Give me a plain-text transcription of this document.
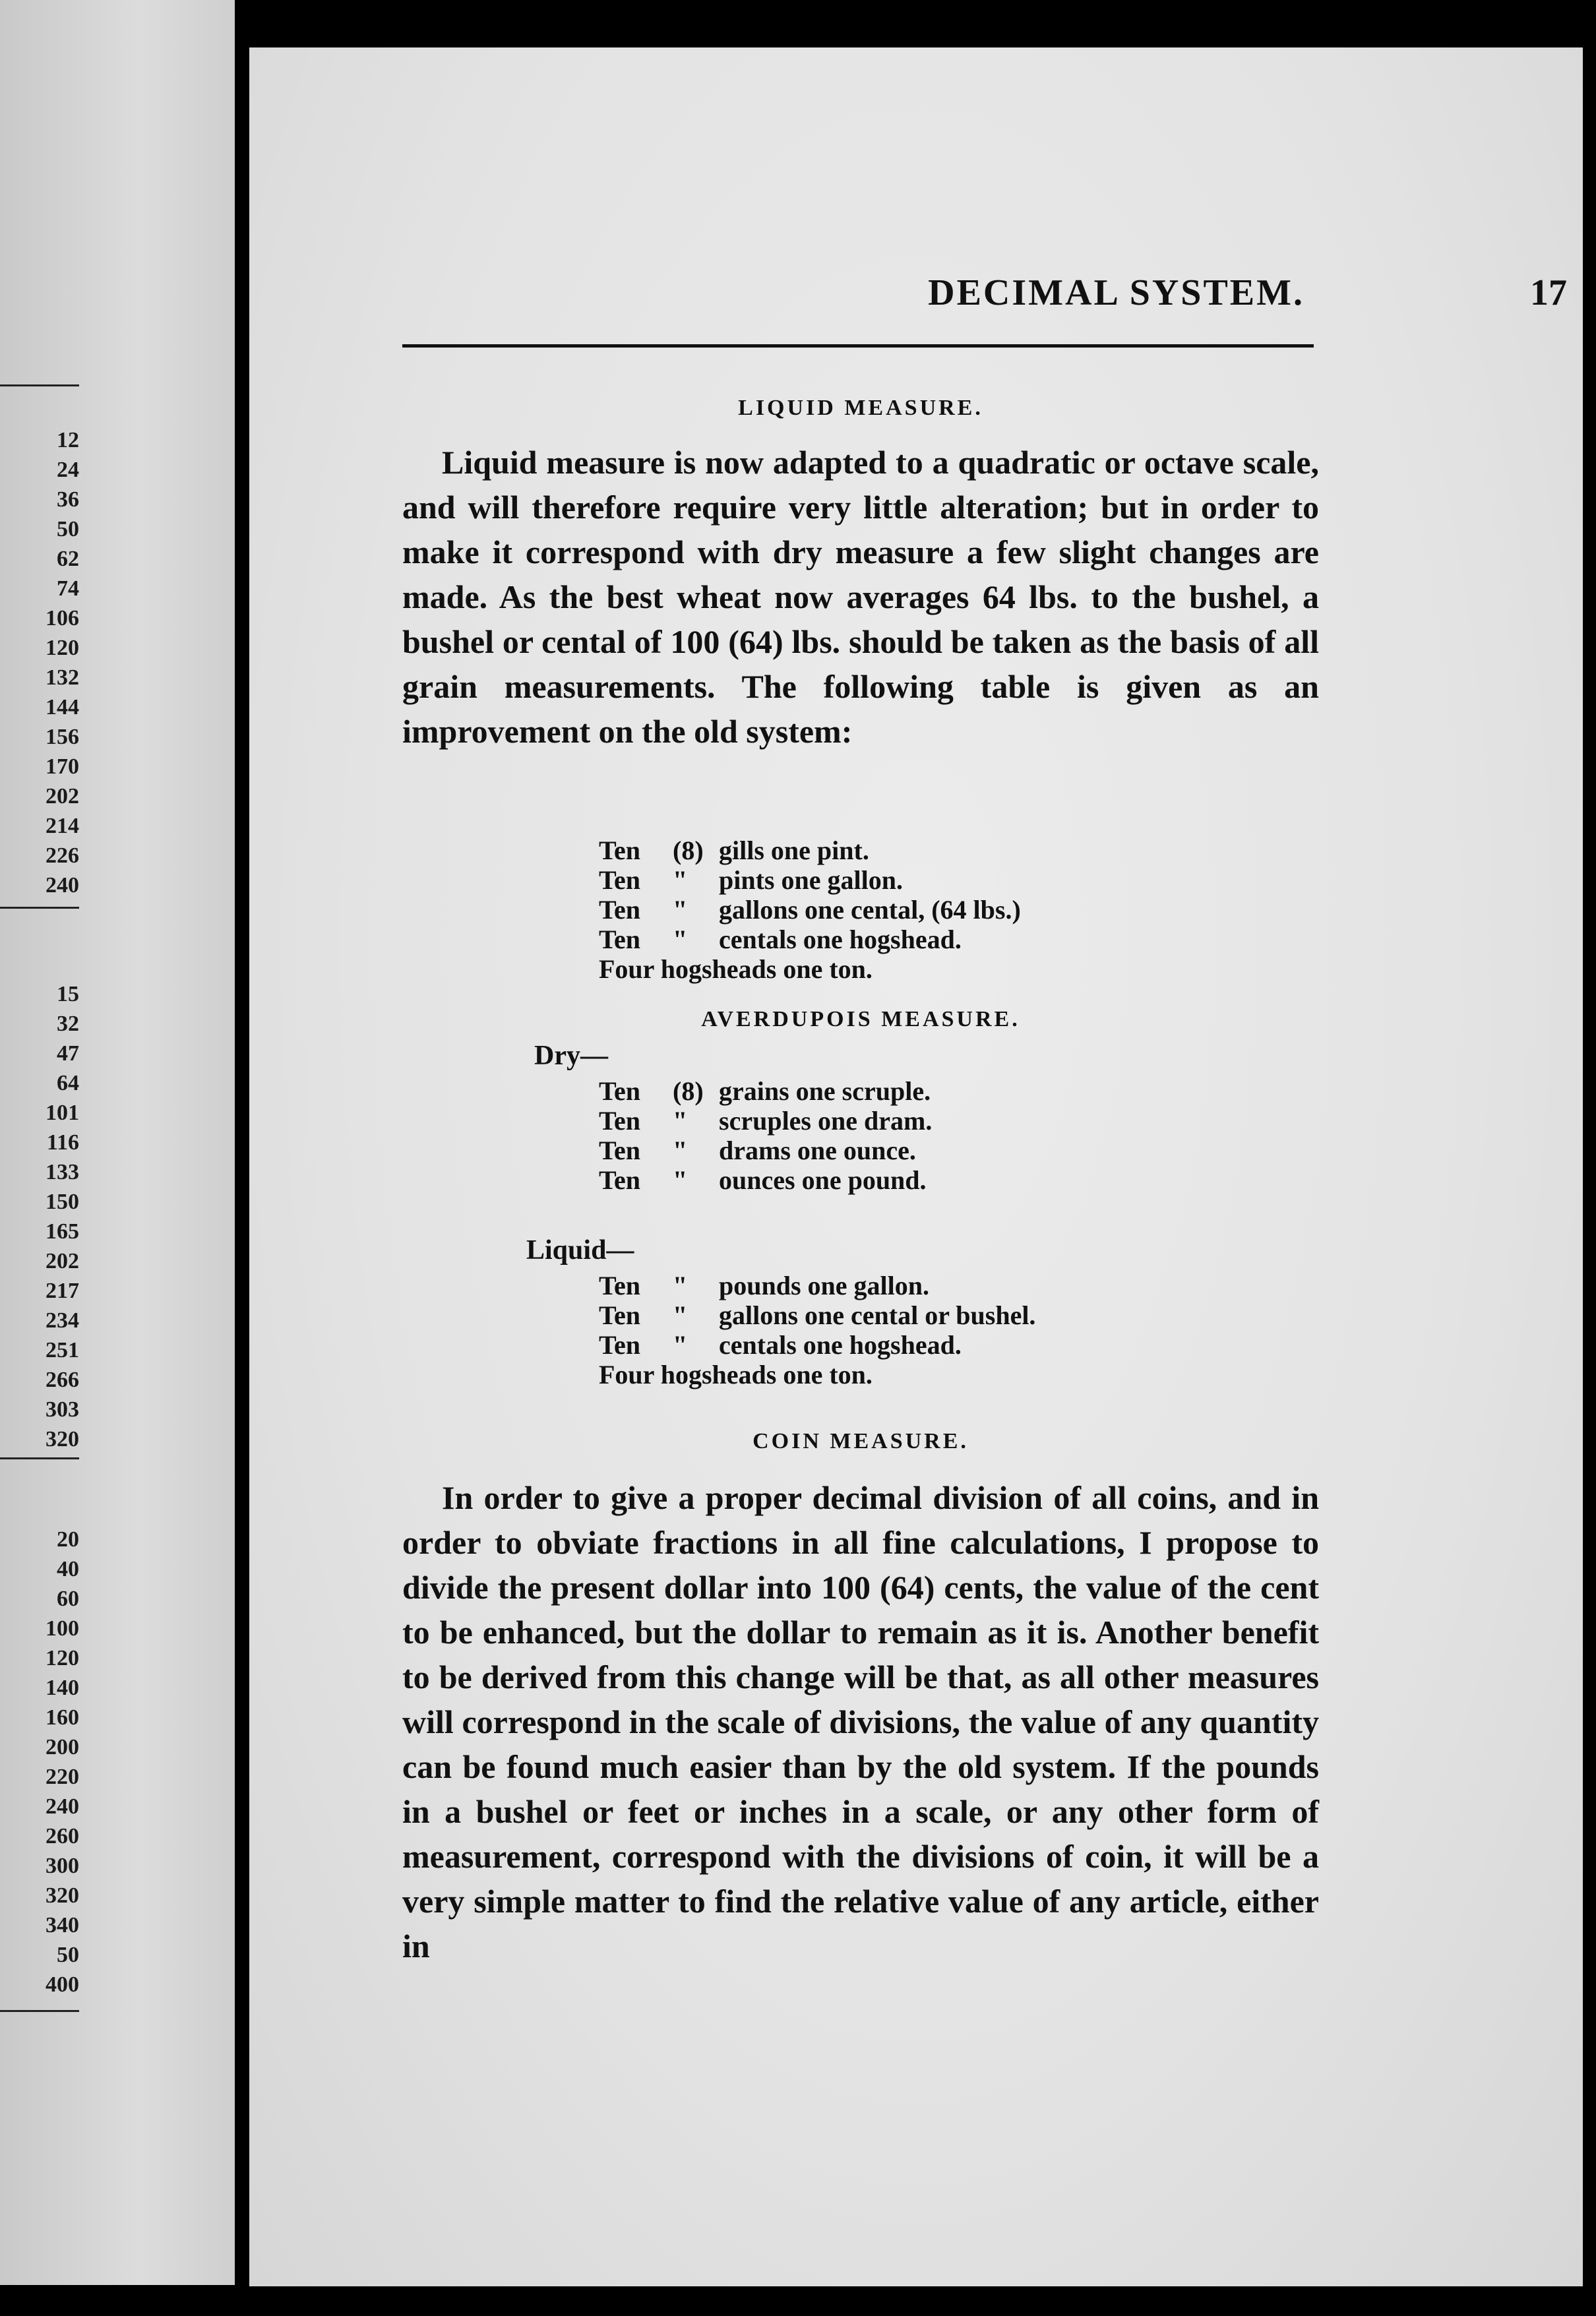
12
24
36
50
62
74
106
120
132
144
156
170
202
214
226
240
15
32
47
64
101
116
133
150
165
202
217
234
251
266
303
320
20
40
60
100
120
140
160
200
220
240
260
300
320
340
50
400
DECIMAL SYSTEM.	17
LIQUID MEASURE.

Liquid measure is now adapted to a quadratic or octave scale, and will therefore require very little alteration; but in order to make it correspond with dry measure a few slight changes are made. As the best wheat now averages 64 lbs. to the bushel, a bushel or cental of 100 (64) lbs. should be taken as the basis of all grain measurements. The following table is given as an improvement on the old system:

Ten	(8) gills one pint.
Ten	"	pints one gallon.
Ten	"	gallons one cental, (64 lbs.)
Ten	"	centals one hogshead.
Four hogsheads one ton.
AVERDUPOIS MEASURE.
Dry—
Ten	(8) grains one scruple.
Ten	"	scruples one dram.
Ten	"	drams one ounce.
Ten	"	ounces one pound.
Liquid—
Ten	"	pounds one gallon.
Ten	"	gallons one cental or bushel.
Ten	"	centals one hogshead.
Four hogsheads one ton.
COIN MEASURE.

In order to give a proper decimal division of all coins, and in order to obviate fractions in all fine calculations, I propose to divide the present dollar into 100 (64) cents, the value of the cent to be enhanced, but the dollar to remain as it is. Another benefit to be derived from this change will be that, as all other measures will correspond in the scale of divisions, the value of any quantity can be found much easier than by the old system. If the pounds in a bushel or feet or inches in a scale, or any other form of measurement, correspond with the divisions of coin, it will be a very simple matter to find the relative value of any article, either in
